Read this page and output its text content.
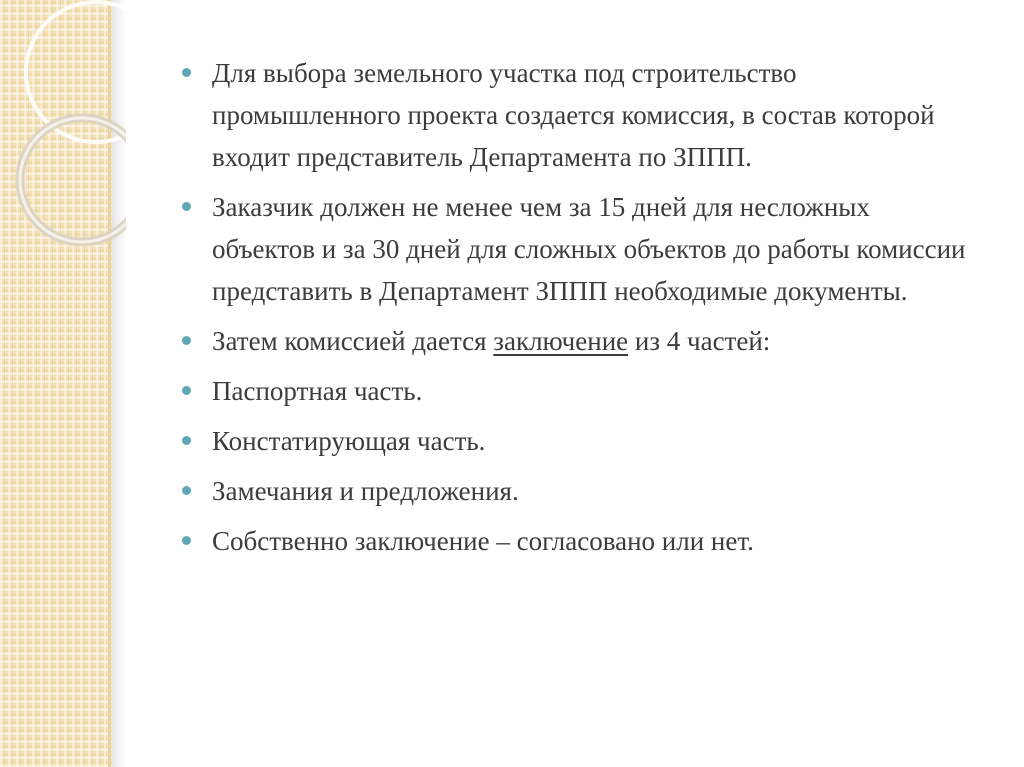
Для выбора земельного участка под строительство промышленного проекта создается комиссия, в состав которой входит представитель Департамента по ЗППП.
Заказчик должен не менее чем за 15 дней для несложных объектов и за 30 дней для сложных объектов до работы комиссии представить в Департамент ЗППП необходимые документы.
Затем комиссией дается заключение из 4 частей:
Паспортная часть.
Констатирующая часть.
Замечания и предложения.
Собственно заключение – согласовано или нет.
